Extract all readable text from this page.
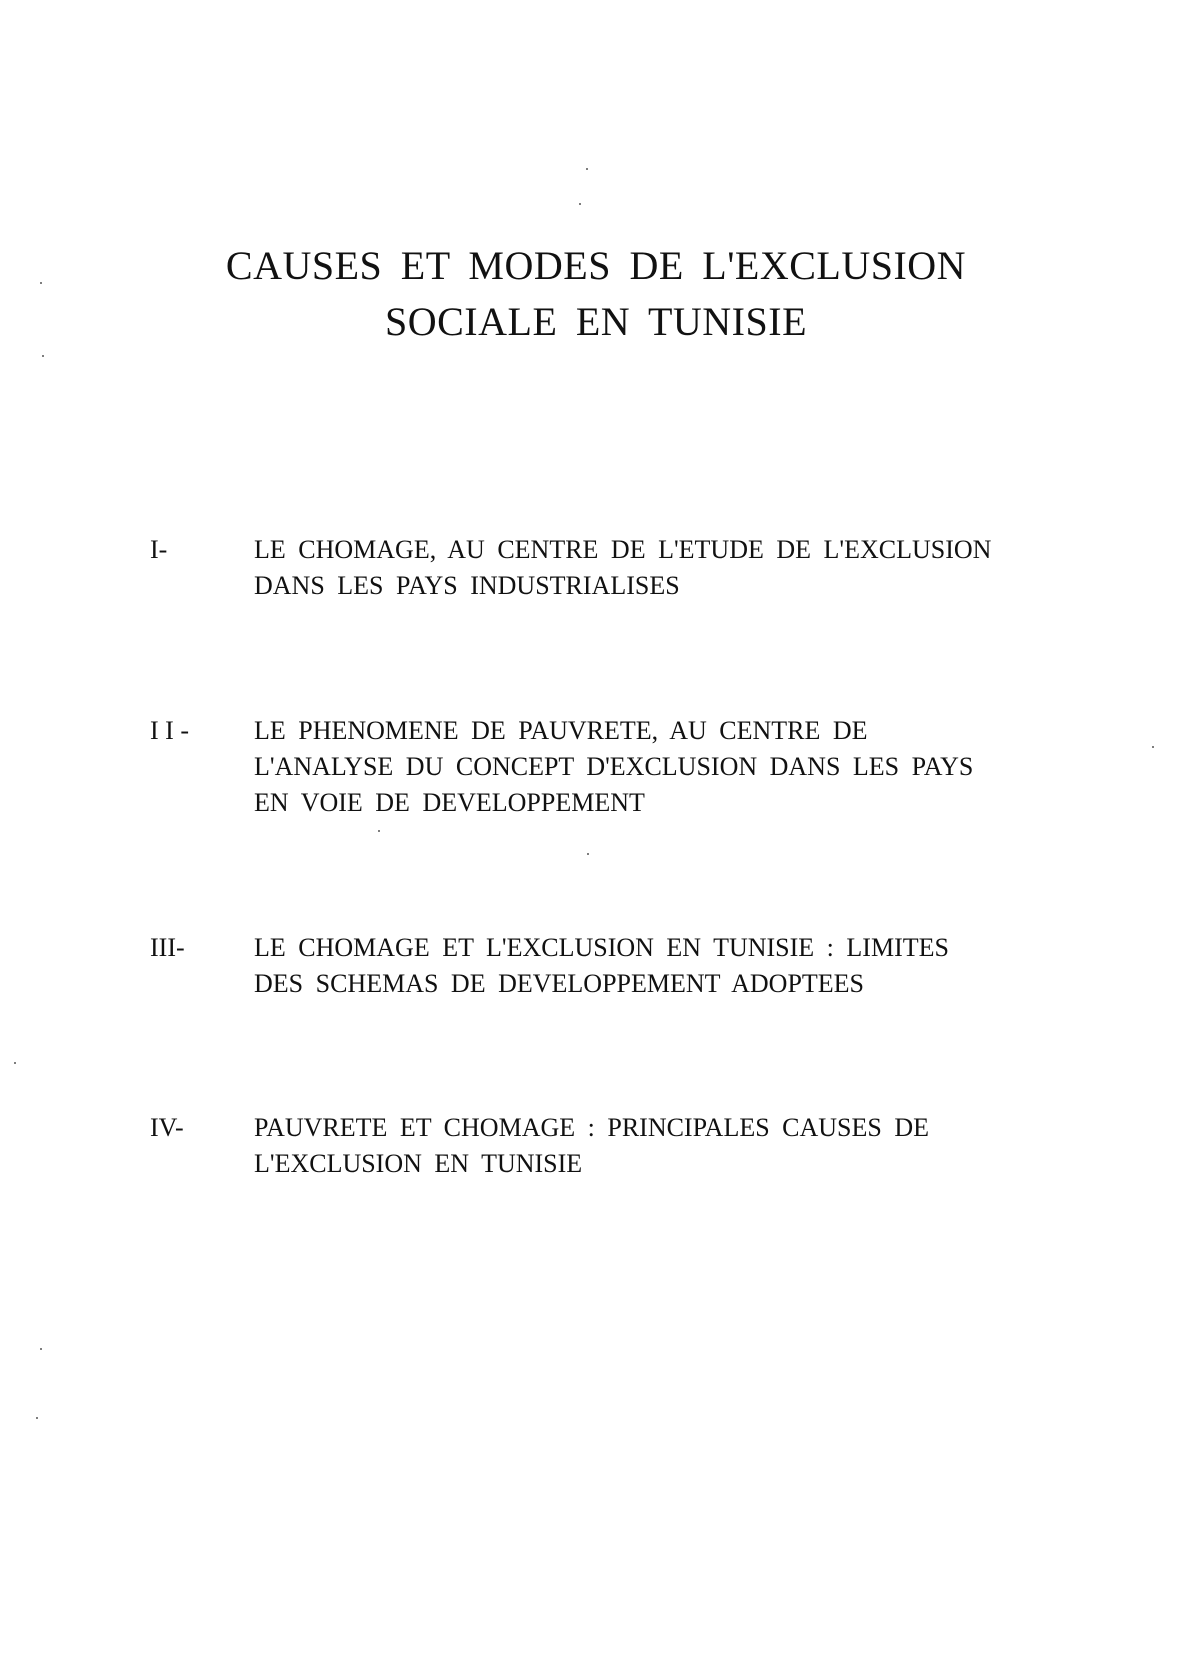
CAUSES ET MODES DE L'EXCLUSION
SOCIALE EN TUNISIE
I-	LE CHOMAGE, AU CENTRE DE L'ETUDE DE L'EXCLUSION
DANS LES PAYS INDUSTRIALISES
I I -	LE PHENOMENE DE PAUVRETE, AU CENTRE DE
L'ANALYSE DU CONCEPT D'EXCLUSION DANS LES PAYS
EN VOIE DE DEVELOPPEMENT
III-	LE CHOMAGE ET L'EXCLUSION EN TUNISIE : LIMITES
DES SCHEMAS DE DEVELOPPEMENT ADOPTEES
IV-	PAUVRETE ET CHOMAGE : PRINCIPALES CAUSES DE
L'EXCLUSION EN TUNISIE
